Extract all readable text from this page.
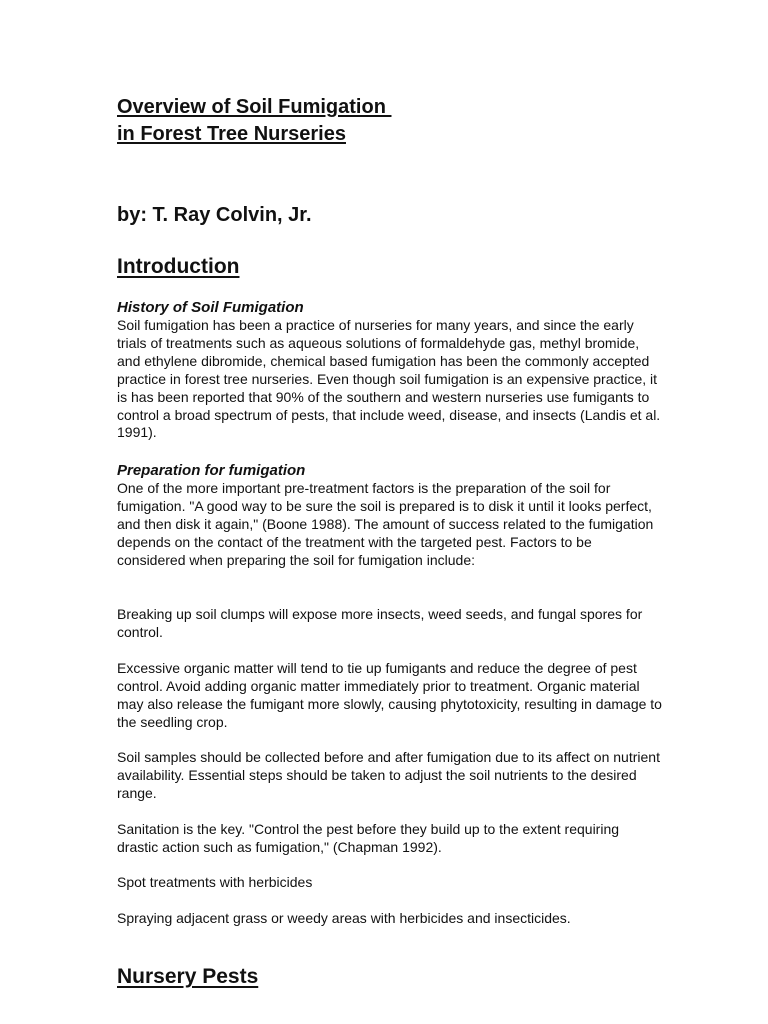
Overview of Soil Fumigation
in Forest Tree Nurseries

by: T. Ray Colvin, Jr.

Introduction
History of Soil Fumigation

Soil fumigation has been a practice of nurseries for many years, and since the early trials of treatments such as aqueous solutions of formaldehyde gas, methyl bromide, and ethylene dibromide, chemical based fumigation has been the commonly accepted practice in forest tree nurseries. Even though soil fumigation is an expensive practice, it is has been reported that 90% of the southern and western nurseries use fumigants to control a broad spectrum of pests, that include weed, disease, and insects (Landis et al. 1991).

Preparation for fumigation

One of the more important pre-treatment factors is the preparation of the soil for fumigation. "A good way to be sure the soil is prepared is to disk it until it looks perfect, and then disk it again," (Boone 1988). The amount of success related to the fumigation depends on the contact of the treatment with the targeted pest. Factors to be considered when preparing the soil for fumigation include:

Breaking up soil clumps will expose more insects, weed seeds, and fungal spores for control.

Excessive organic matter will tend to tie up fumigants and reduce the degree of pest control. Avoid adding organic matter immediately prior to treatment. Organic material may also release the fumigant more slowly, causing phytotoxicity, resulting in damage to the seedling crop.

Soil samples should be collected before and after fumigation due to its affect on nutrient availability. Essential steps should be taken to adjust the soil nutrients to the desired range.

Sanitation is the key. "Control the pest before they build up to the extent requiring drastic action such as fumigation," (Chapman 1992).

Spot treatments with herbicides

Spraying adjacent grass or weedy areas with herbicides and insecticides.

Nursery Pests
